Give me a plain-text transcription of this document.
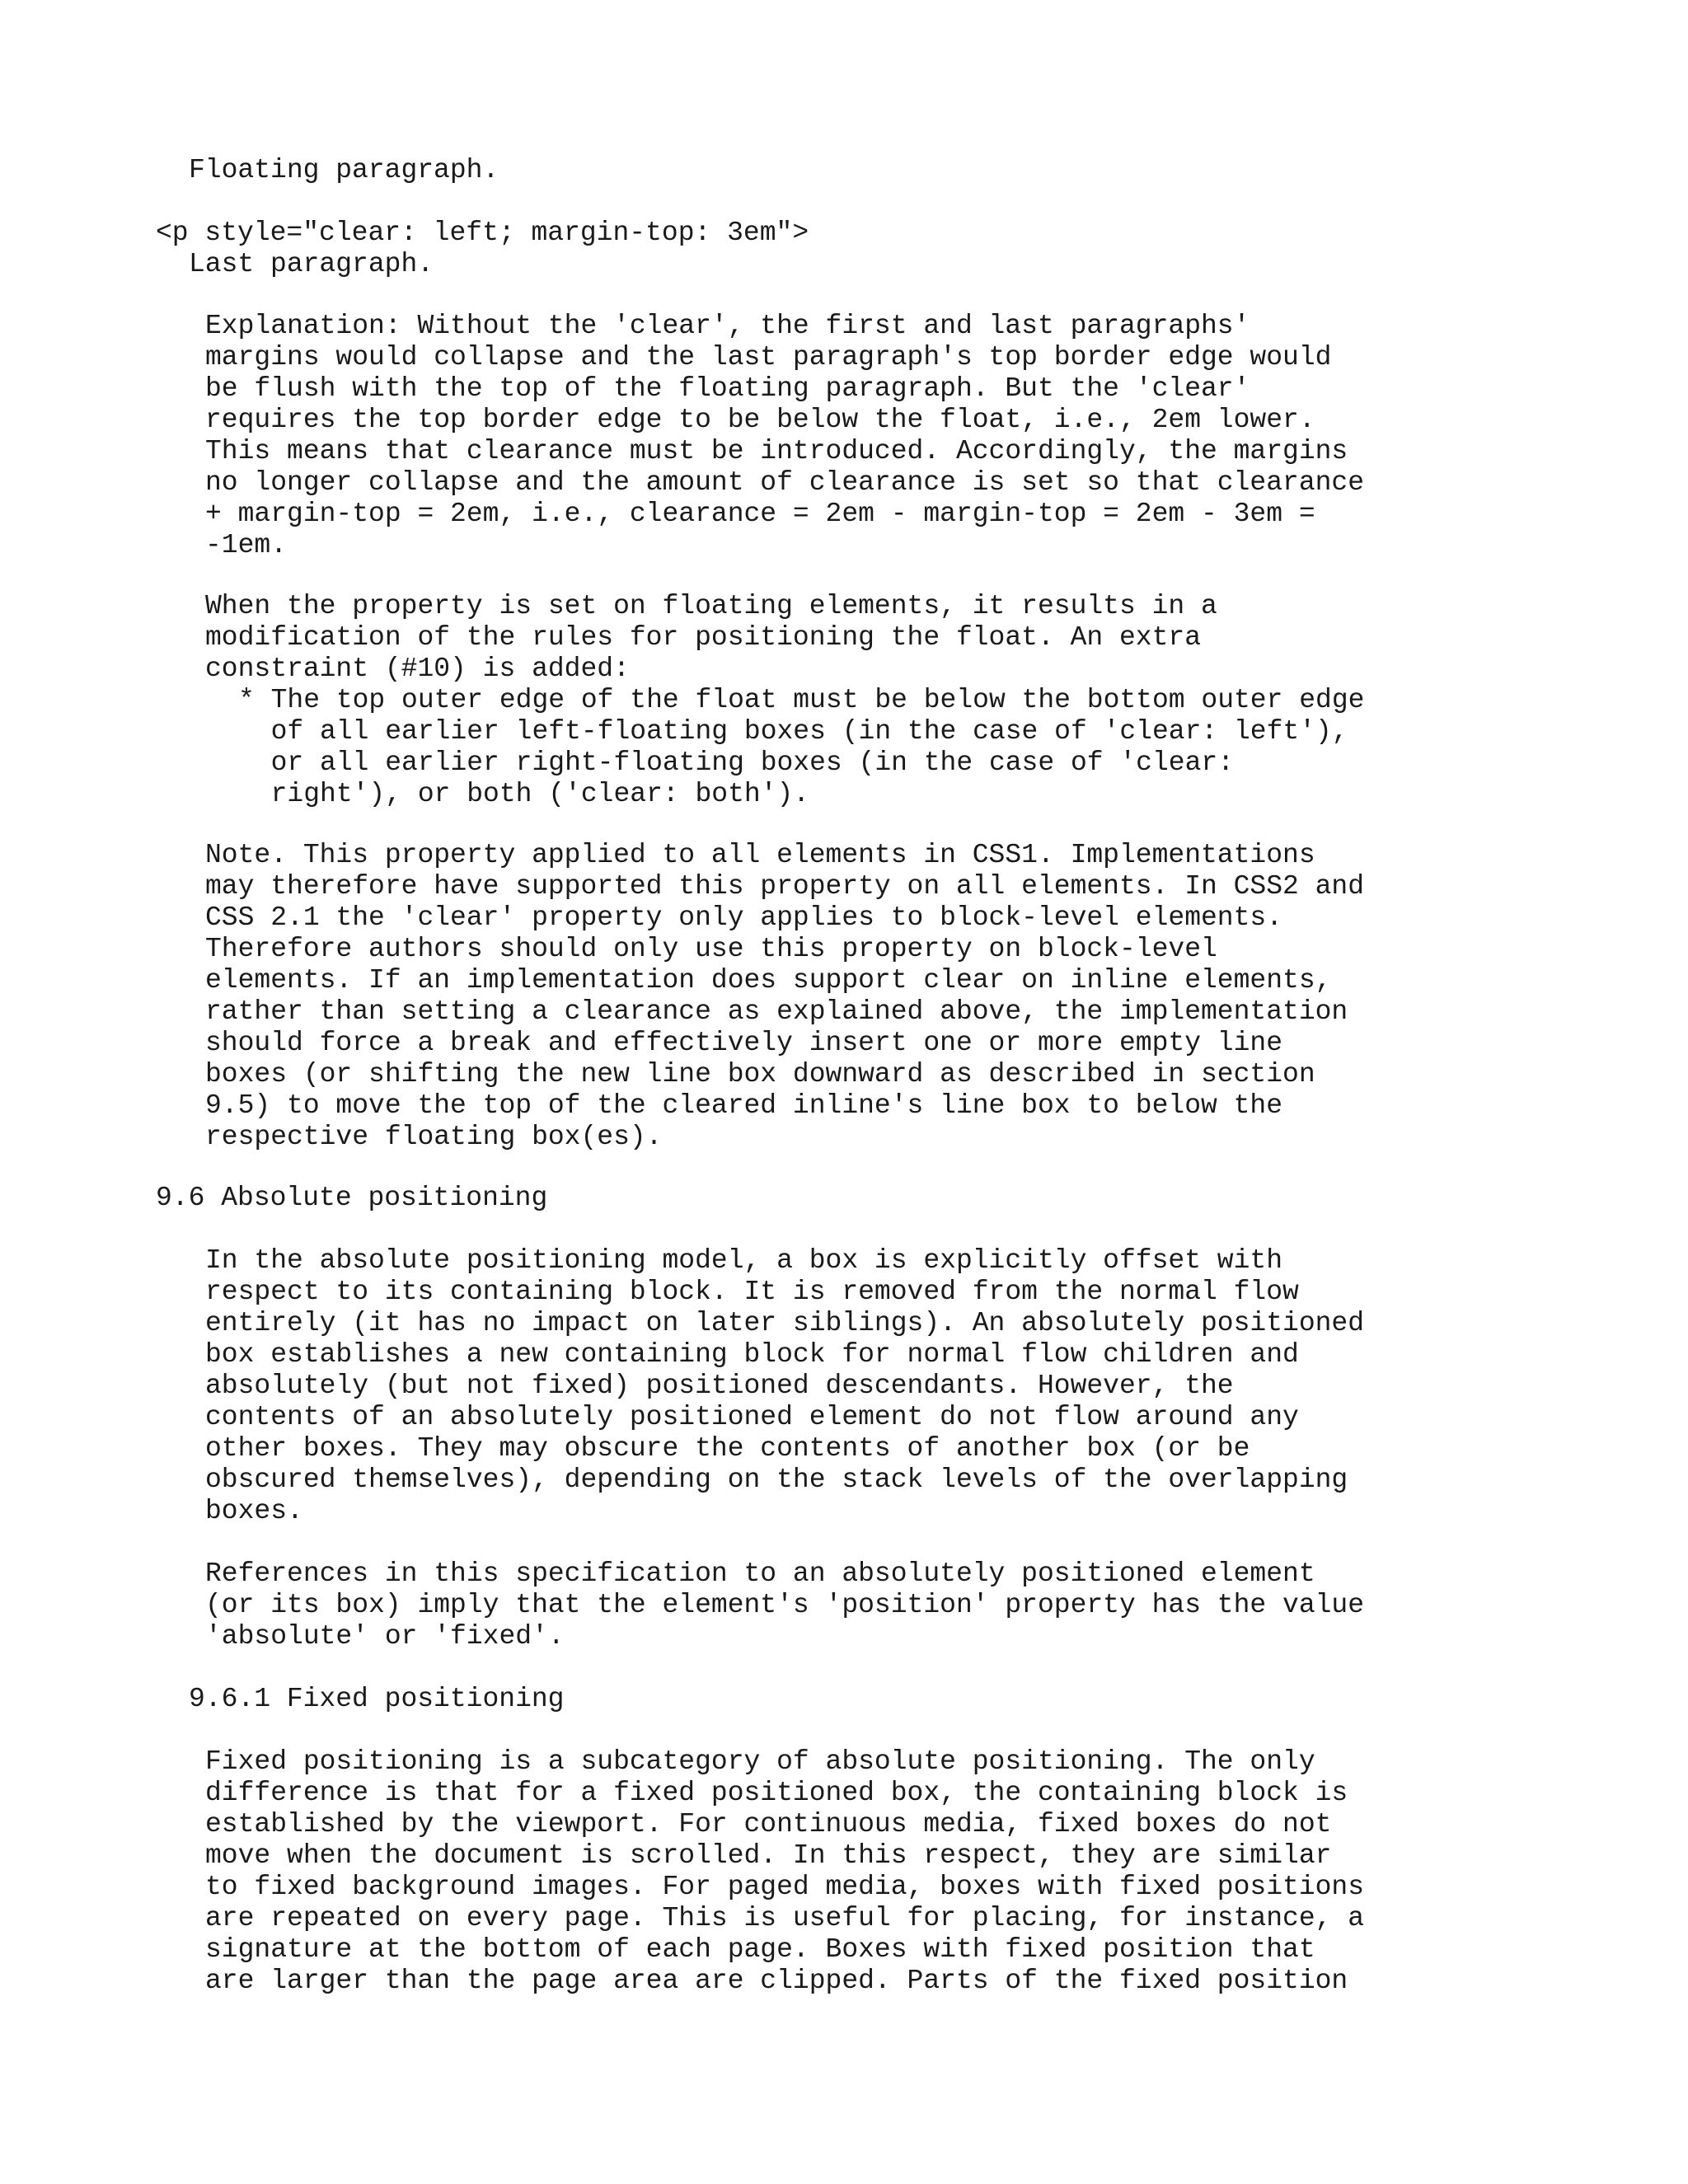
Floating paragraph.
<p style="clear: left; margin-top: 3em">
Last paragraph.
Explanation: Without the 'clear', the first and last paragraphs'
margins would collapse and the last paragraph's top border edge would
be flush with the top of the floating paragraph. But the 'clear'
requires the top border edge to be below the float, i.e., 2em lower.
This means that clearance must be introduced. Accordingly, the margins
no longer collapse and the amount of clearance is set so that clearance
+ margin-top = 2em, i.e., clearance = 2em - margin-top = 2em - 3em =
-1em.
When the property is set on floating elements, it results in a
modification of the rules for positioning the float. An extra
constraint (#10) is added:
* The top outer edge of the float must be below the bottom outer edge
of all earlier left-floating boxes (in the case of 'clear: left'),
or all earlier right-floating boxes (in the case of 'clear:
right'), or both ('clear: both').
Note. This property applied to all elements in CSS1. Implementations
may therefore have supported this property on all elements. In CSS2 and
CSS 2.1 the 'clear' property only applies to block-level elements.
Therefore authors should only use this property on block-level
elements. If an implementation does support clear on inline elements,
rather than setting a clearance as explained above, the implementation
should force a break and effectively insert one or more empty line
boxes (or shifting the new line box downward as described in section
9.5) to move the top of the cleared inline's line box to below the
respective floating box(es).
9.6 Absolute positioning
In the absolute positioning model, a box is explicitly offset with
respect to its containing block. It is removed from the normal flow
entirely (it has no impact on later siblings). An absolutely positioned
box establishes a new containing block for normal flow children and
absolutely (but not fixed) positioned descendants. However, the
contents of an absolutely positioned element do not flow around any
other boxes. They may obscure the contents of another box (or be
obscured themselves), depending on the stack levels of the overlapping
boxes.
References in this specification to an absolutely positioned element
(or its box) imply that the element's 'position' property has the value
'absolute' or 'fixed'.
9.6.1 Fixed positioning
Fixed positioning is a subcategory of absolute positioning. The only
difference is that for a fixed positioned box, the containing block is
established by the viewport. For continuous media, fixed boxes do not
move when the document is scrolled. In this respect, they are similar
to fixed background images. For paged media, boxes with fixed positions
are repeated on every page. This is useful for placing, for instance, a
signature at the bottom of each page. Boxes with fixed position that
are larger than the page area are clipped. Parts of the fixed position
